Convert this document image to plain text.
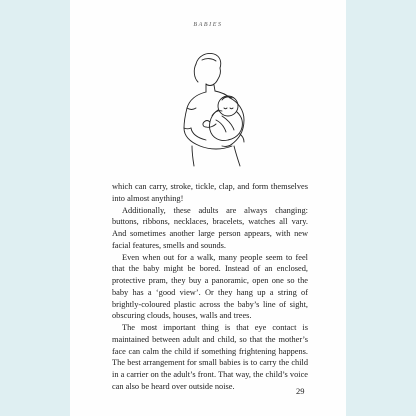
BABIES

which can carry, stroke, tickle, clap, and form themselves into almost anything!

Additionally, these adults are always changing: buttons, ribbons, necklaces, bracelets, watches all vary. And sometimes another large person appears, with new facial features, smells and sounds.

Even when out for a walk, many people seem to feel that the baby might be bored. Instead of an enclosed, protective pram, they buy a panoramic, open one so the baby has a ‘good view’. Or they hang up a string of brightly-coloured plastic across the baby’s line of sight, obscuring clouds, houses, walls and trees.

The most important thing is that eye contact is maintained between adult and child, so that the mother’s face can calm the child if something frightening happens. The best arrangement for small babies is to carry the child in a carrier on the adult’s front. That way, the child’s voice can also be heard over outside noise.	29
